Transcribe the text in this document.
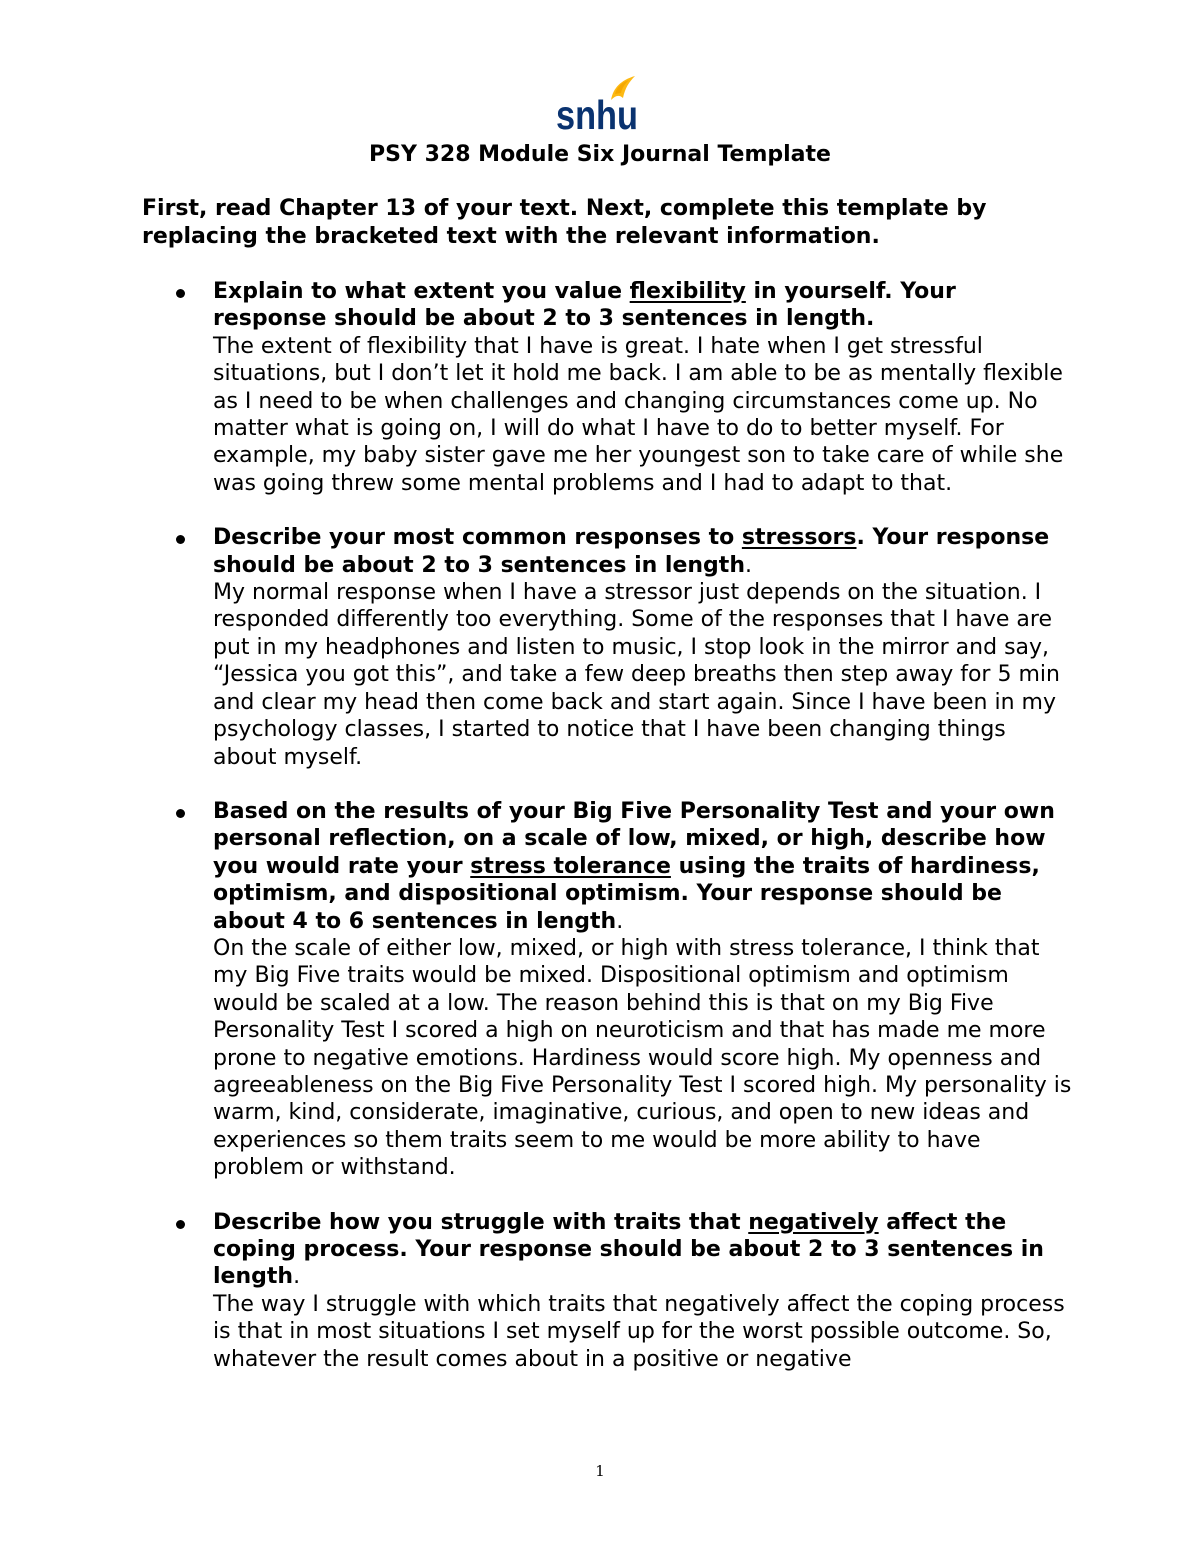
snhu
PSY 328 Module Six Journal Template

First, read Chapter 13 of your text. Next, complete this template by replacing the bracketed text with the relevant information.

Explain to what extent you value flexibility in yourself. Your response should be about 2 to 3 sentences in length.
The extent of flexibility that I have is great. I hate when I get stressful situations, but I don’t let it hold me back. I am able to be as mentally flexible as I need to be when challenges and changing circumstances come up. No matter what is going on, I will do what I have to do to better myself. For example, my baby sister gave me her youngest son to take care of while she was going threw some mental problems and I had to adapt to that.
Describe your most common responses to stressors. Your response should be about 2 to 3 sentences in length.
My normal response when I have a stressor just depends on the situation. I responded differently too everything. Some of the responses that I have are put in my headphones and listen to music, I stop look in the mirror and say, “Jessica you got this”, and take a few deep breaths then step away for 5 min and clear my head then come back and start again. Since I have been in my psychology classes, I started to notice that I have been changing things about myself.
Based on the results of your Big Five Personality Test and your own personal reflection, on a scale of low, mixed, or high, describe how you would rate your stress tolerance using the traits of hardiness, optimism, and dispositional optimism. Your response should be about 4 to 6 sentences in length.
On the scale of either low, mixed, or high with stress tolerance, I think that my Big Five traits would be mixed. Dispositional optimism and optimism would be scaled at a low. The reason behind this is that on my Big Five Personality Test I scored a high on neuroticism and that has made me more prone to negative emotions. Hardiness would score high. My openness and agreeableness on the Big Five Personality Test I scored high. My personality is warm, kind, considerate, imaginative, curious, and open to new ideas and experiences so them traits seem to me would be more ability to have problem or withstand.
Describe how you struggle with traits that negatively affect the coping process. Your response should be about 2 to 3 sentences in length.
The way I struggle with which traits that negatively affect the coping process is that in most situations I set myself up for the worst possible outcome. So, whatever the result comes about in a positive or negative
1
